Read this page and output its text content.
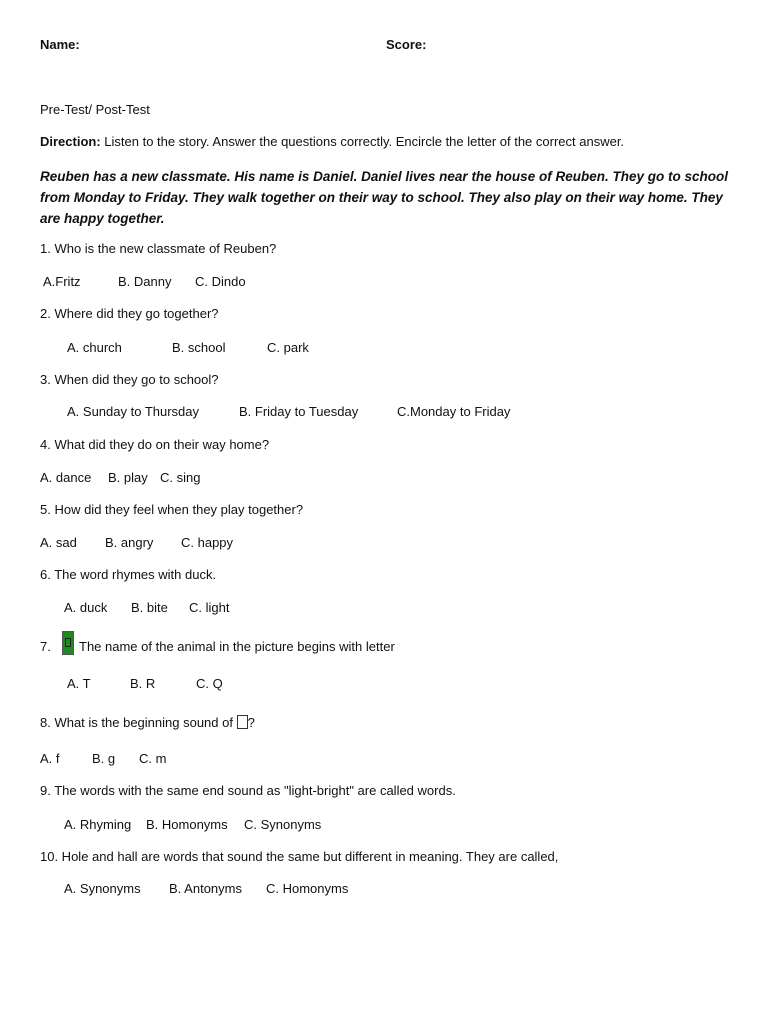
Name:	Score:
Pre-Test/ Post-Test
Direction: Listen to the story. Answer the questions correctly. Encircle the letter of the correct answer.
Reuben has a new classmate. His name is Daniel. Daniel lives near the house of Reuben. They go to school from Monday to Friday. They walk together on their way to school. They also play on their way home. They are happy together.
1. Who is the new classmate of Reuben?
A.Fritz	B. Danny C. Dindo
2. Where did they go together?
A. church	B. school	C. park
3. When did they go to school?
A. Sunday to Thursday	B. Friday to Tuesday	C.Monday to Friday
4. What did they do on their way home?
A. dance B. play C. sing
5. How did they feel when they play together?
A. sad B. angry C. happy
6. The word rhymes with duck.
A. duck B. bite C. light
7. The name of the animal in the picture begins with letter
A. T	B. R	C. Q
8. What is the beginning sound of ?
A. f B. g C. m
9. The words with the same end sound as "light-bright" are called words.
A. Rhyming B. Homonyms C. Synonyms
10. Hole and hall are words that sound the same but different in meaning. They are called,
A. Synonyms B. Antonyms C. Homonyms
